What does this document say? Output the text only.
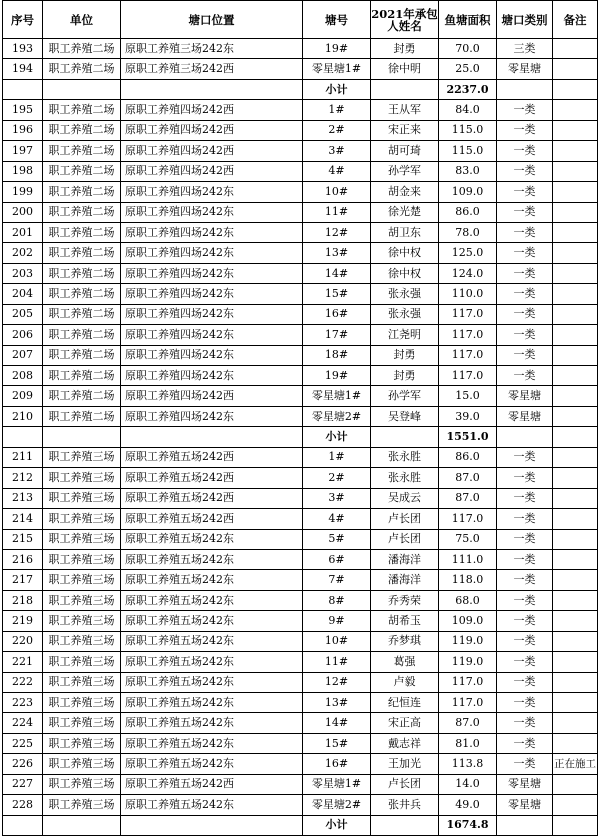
序号	单位	塘口位置	塘号	2021年承包人姓名	鱼塘面积	塘口类别	备注
193	职工养殖二场	原职工养殖三场242东	19#	封勇	70.0	三类	
194	职工养殖二场	原职工养殖三场242西	零星塘1#	徐中明	25.0	零星塘	
			小计		2237.0		
195	职工养殖二场	原职工养殖四场242西	1#	王从军	84.0	一类	
196	职工养殖二场	原职工养殖四场242西	2#	宋正来	115.0	一类	
197	职工养殖二场	原职工养殖四场242西	3#	胡可琦	115.0	一类	
198	职工养殖二场	原职工养殖四场242西	4#	孙学军	83.0	一类	
199	职工养殖二场	原职工养殖四场242东	10#	胡金来	109.0	一类	
200	职工养殖二场	原职工养殖四场242东	11#	徐光楚	86.0	一类	
201	职工养殖二场	原职工养殖四场242东	12#	胡卫东	78.0	一类	
202	职工养殖二场	原职工养殖四场242东	13#	徐中权	125.0	一类	
203	职工养殖二场	原职工养殖四场242东	14#	徐中权	124.0	一类	
204	职工养殖二场	原职工养殖四场242东	15#	张永强	110.0	一类	
205	职工养殖二场	原职工养殖四场242东	16#	张永强	117.0	一类	
206	职工养殖二场	原职工养殖四场242东	17#	江尧明	117.0	一类	
207	职工养殖二场	原职工养殖四场242东	18#	封勇	117.0	一类	
208	职工养殖二场	原职工养殖四场242东	19#	封勇	117.0	一类	
209	职工养殖二场	原职工养殖四场242西	零星塘1#	孙学军	15.0	零星塘	
210	职工养殖二场	原职工养殖四场242东	零星塘2#	吴登峰	39.0	零星塘	
			小计		1551.0		
211	职工养殖三场	原职工养殖五场242西	1#	张永胜	86.0	一类	
212	职工养殖三场	原职工养殖五场242西	2#	张永胜	87.0	一类	
213	职工养殖三场	原职工养殖五场242西	3#	吴成云	87.0	一类	
214	职工养殖三场	原职工养殖五场242西	4#	卢长团	117.0	一类	
215	职工养殖三场	原职工养殖五场242东	5#	卢长团	75.0	一类	
216	职工养殖三场	原职工养殖五场242东	6#	潘海洋	111.0	一类	
217	职工养殖三场	原职工养殖五场242东	7#	潘海洋	118.0	一类	
218	职工养殖三场	原职工养殖五场242东	8#	乔秀荣	68.0	一类	
219	职工养殖三场	原职工养殖五场242东	9#	胡希玉	109.0	一类	
220	职工养殖三场	原职工养殖五场242东	10#	乔梦琪	119.0	一类	
221	职工养殖三场	原职工养殖五场242东	11#	葛强	119.0	一类	
222	职工养殖三场	原职工养殖五场242东	12#	卢毅	117.0	一类	
223	职工养殖三场	原职工养殖五场242东	13#	纪恒连	117.0	一类	
224	职工养殖三场	原职工养殖五场242东	14#	宋正高	87.0	一类	
225	职工养殖三场	原职工养殖五场242东	15#	戴志祥	81.0	一类	
226	职工养殖三场	原职工养殖五场242东	16#	王加光	113.8	一类	正在施工
227	职工养殖三场	原职工养殖五场242西	零星塘1#	卢长团	14.0	零星塘	
228	职工养殖三场	原职工养殖五场242东	零星塘2#	张井兵	49.0	零星塘	
			小计		1674.8		
